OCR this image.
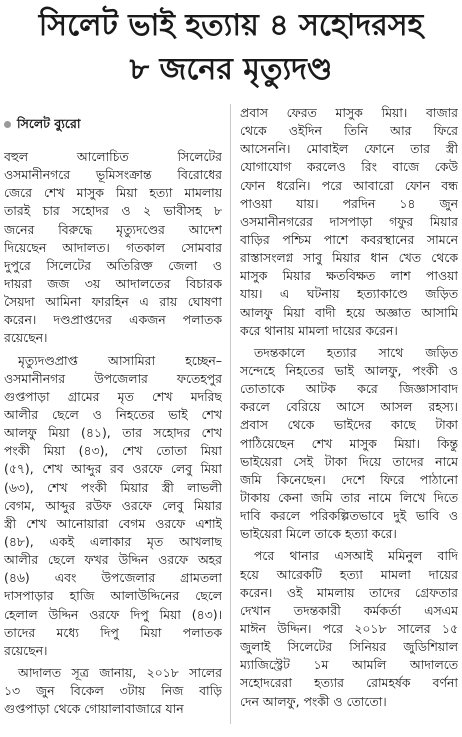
সিলেট ভাই হত্যায় ৪ সহোদরসহ
৮ জনের মৃত্যুদণ্ড
সিলেট ব্যুরো
বহুল আলোচিত সিলেটের
ওসমানীনগরে ভূমিসংক্রান্ত বিরোধের
জেরে শেখ মাসুক মিয়া হত্যা মামলায়
তারই চার সহোদর ও ২ ভাবীসহ ৮
জনের বিরুদ্ধে মৃত্যুদণ্ডের আদেশ
দিয়েছেন আদালত। গতকাল সোমবার
দুপুরে সিলেটের অতিরিক্ত জেলা ও
দায়রা জজ ৩য় আদালতের বিচারক
সৈয়দা আমিনা ফারহিন এ রায় ঘোষণা
করেন। দণ্ডপ্রাপ্তদের একজন পলাতক
রয়েছেন।
মৃত্যুদণ্ডপ্রাপ্ত আসামিরা হচ্ছেন–
ওসমানীনগর উপজেলার ফতেহপুর
গুপ্তপাড়া গ্রামের মৃত শেখ মদরিছ
আলীর ছেলে ও নিহতের ভাই শেখ
আলফু মিয়া (৪১), তার সহোদর শেখ
পংকী মিয়া (৪৩), শেখ তোতা মিয়া
(৫৭), শেখ আব্দুর রব ওরফে লেবু মিয়া
(৬৩), শেখ পংকী মিয়ার স্ত্রী লাভলী
বেগম, আব্দুর রউফ ওরফে লেবু মিয়ার
স্ত্রী শেখ আনোয়ারা বেগম ওরফে এশাই
(৪৮), একই এলাকার মৃত আখলাছ
আলীর ছেলে ফখর উদ্দিন ওরফে অহর
(৪৬) এবং উপজেলার গ্রামতলা
দাসপাড়ার হাজি আলাউদ্দিনের ছেলে
হেলাল উদ্দিন ওরফে দিপু মিয়া (৪৩)।
তাদের মধ্যে দিপু মিয়া পলাতক
রয়েছেন।
আদালত সূত্র জানায়, ২০১৮ সালের
১৩ জুন বিকেল ৩টায় নিজ বাড়ি
গুপ্তপাড়া থেকে গোয়ালাবাজারে যান
প্রবাস ফেরত মাসুক মিয়া। বাজার
থেকে ওইদিন তিনি আর ফিরে
আসেননি। মোবাইল ফোনে তার স্ত্রী
যোগাযোগ করলেও রিং বাজে কেউ
ফোন ধরেনি। পরে আবারো ফোন বন্ধ
পাওয়া যায়। পরদিন ১৪ জুন
ওসমানীনগরের দাসপাড়া গফুর মিয়ার
বাড়ির পশ্চিম পাশে কবরস্থানের সামনে
রাস্তাসংলগ্ন সাবু মিয়ার ধান খেত থেকে
মাসুক মিয়ার ক্ষতবিক্ষত লাশ পাওয়া
যায়। এ ঘটনায় হত্যাকাণ্ডে জড়িত
আলফু মিয়া বাদী হয়ে অজ্ঞাত আসামি
করে থানায় মামলা দায়ের করেন।
তদন্তকালে হত্যার সাথে জড়িত
সন্দেহে নিহতের ভাই আলফু, পংকী ও
তোতাকে আটক করে জিজ্ঞাসাবাদ
করলে বেরিয়ে আসে আসল রহস্য।
প্রবাস থেকে ভাইদের কাছে টাকা
পাঠিয়েছেন শেখ মাসুক মিয়া। কিন্তু
ভাইয়েরা সেই টাকা দিয়ে তাদের নামে
জমি কিনেছেন। দেশে ফিরে পাঠানো
টাকায় কেনা জমি তার নামে লিখে দিতে
দাবি করলে পরিকল্পিতভাবে দুই ভাবি ও
ভাইয়েরা মিলে তাকে হত্যা করে।
পরে থানার এসআই মমিনুল বাদি
হয়ে আরেকটি হত্যা মামলা দায়ের
করেন। ওই মামলায় তাদের গ্রেফতার
দেখান তদন্তকারী কর্মকর্তা এসএম
মাঈন উদ্দিন। পরে ২০১৮ সালের ১৫
জুলাই সিলেটের সিনিয়র জুডিশিয়াল
ম্যাজিস্ট্রেট ১ম আমলি আদালতে
সহোদরেরা হত্যার রোমহর্ষক বর্ণনা
দেন আলফু, পংকী ও তোতো।
